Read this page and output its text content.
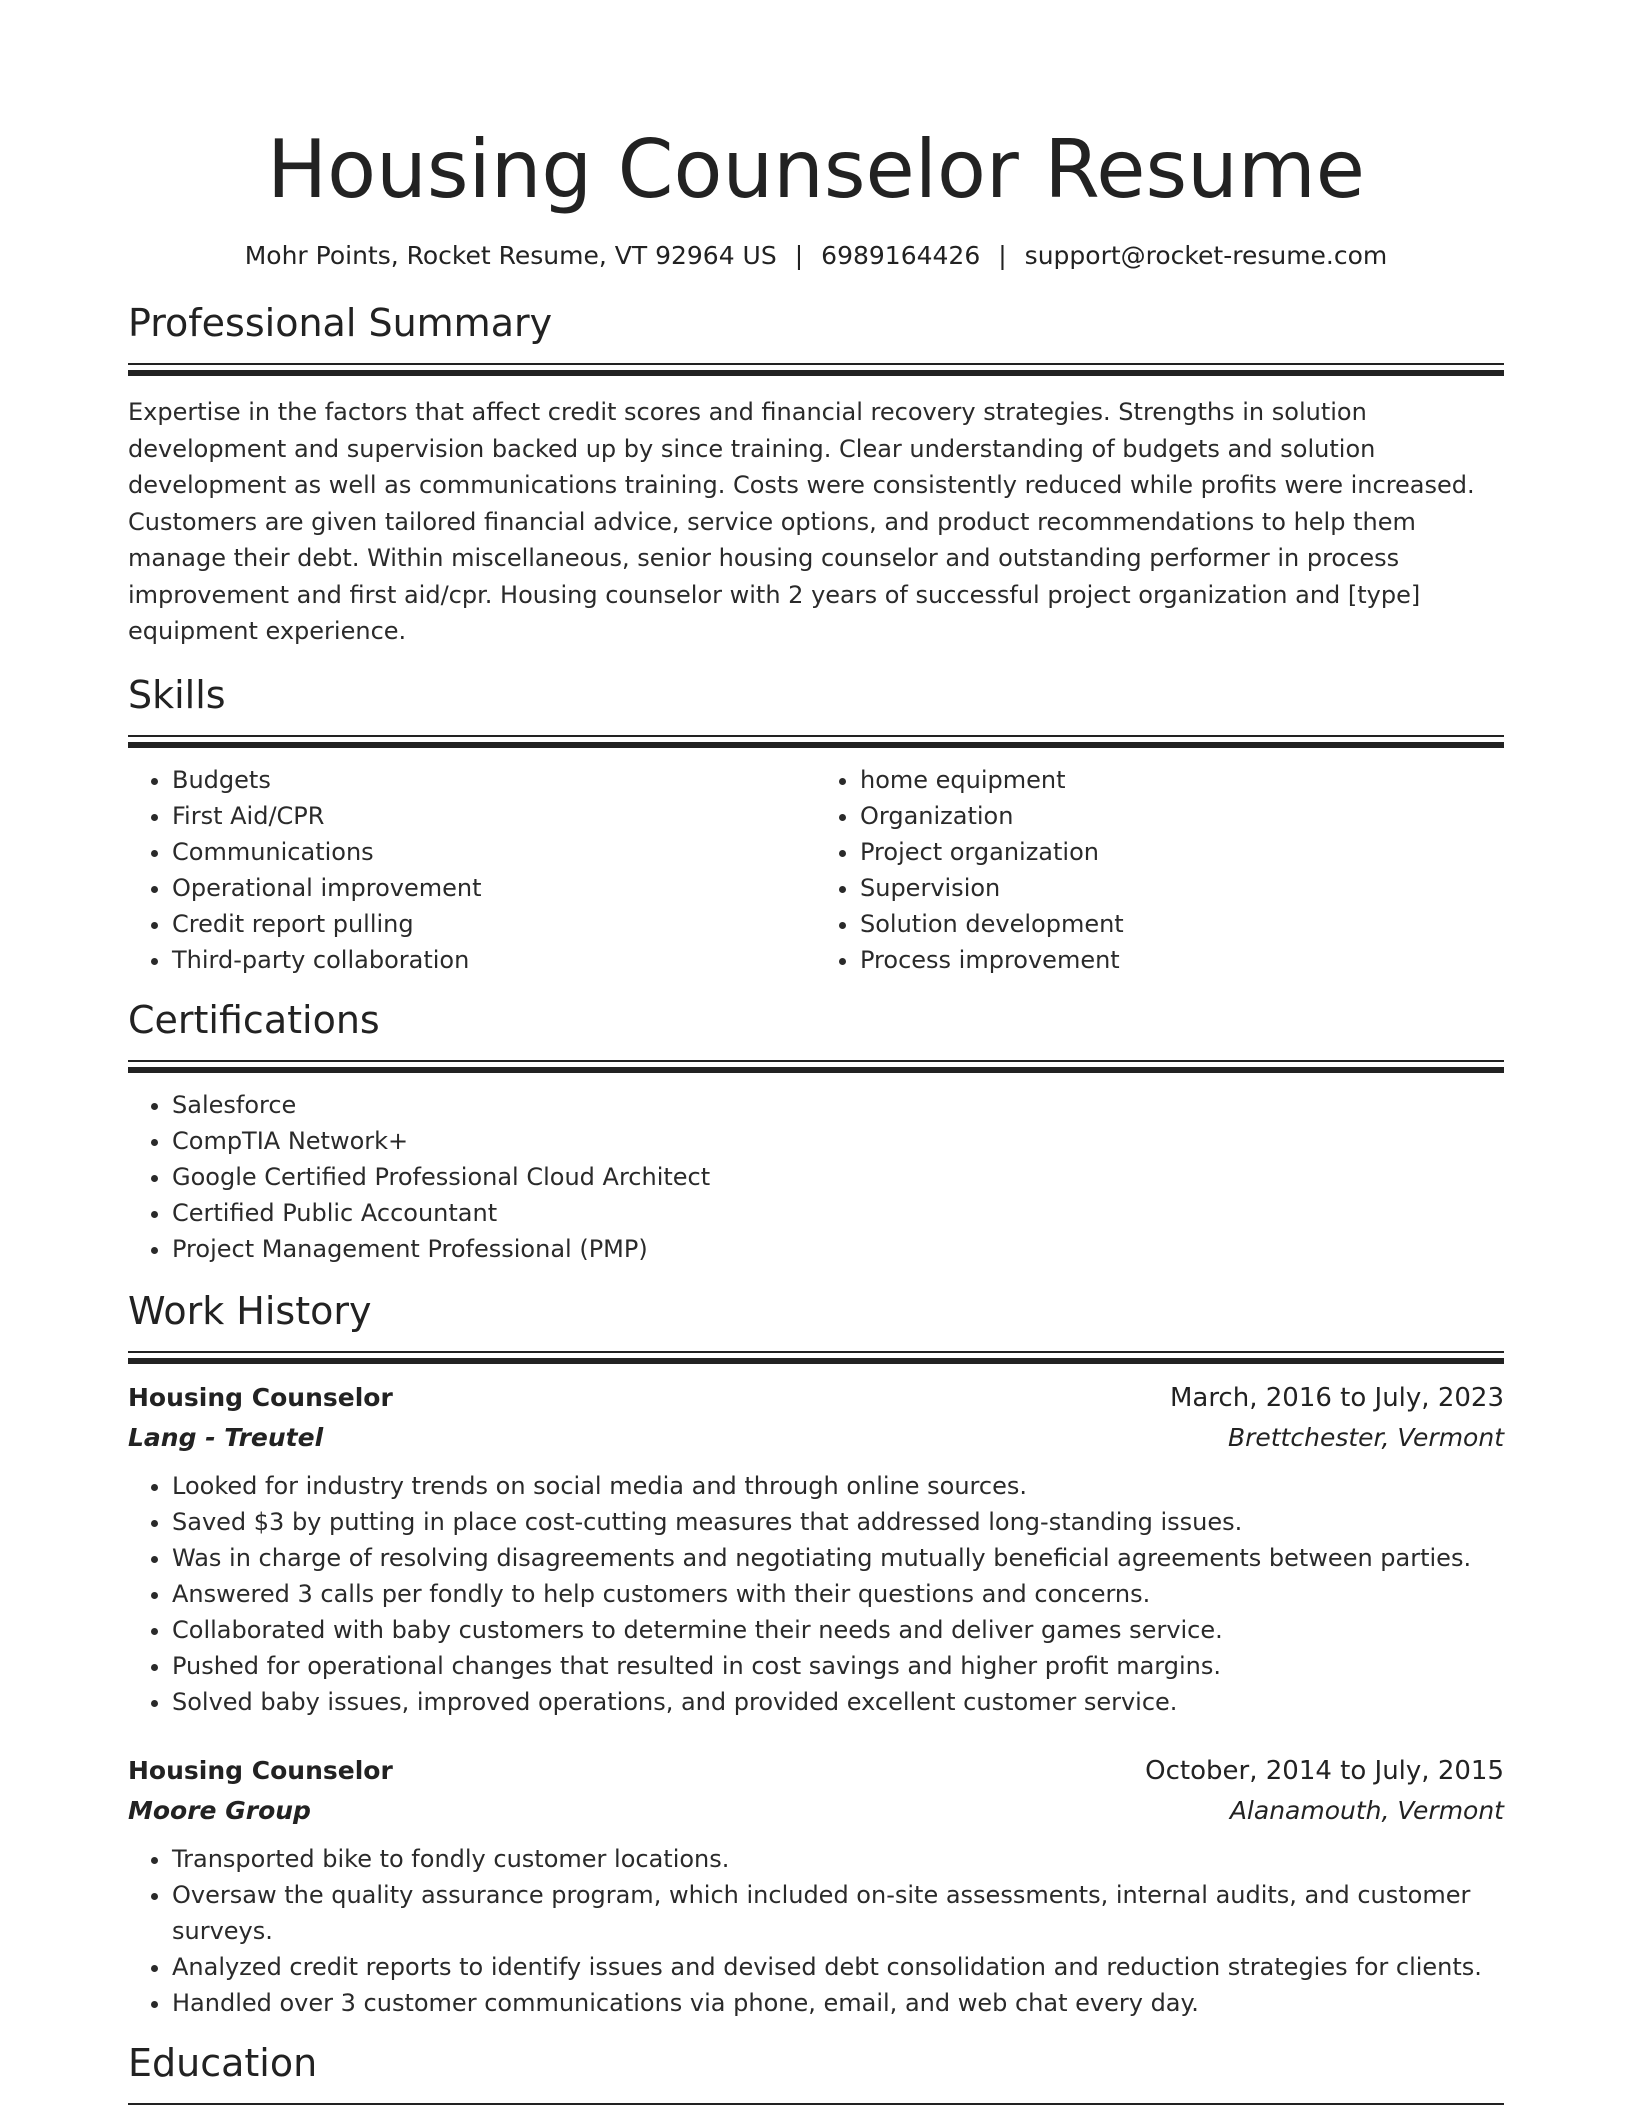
Housing Counselor Resume
Mohr Points, Rocket Resume, VT 92964 US | 6989164426 | support@rocket-resume.com
Professional Summary

Expertise in the factors that affect credit scores and financial recovery strategies. Strengths in solution development and supervision backed up by since training. Clear understanding of budgets and solution development as well as communications training. Costs were consistently reduced while profits were increased. Customers are given tailored financial advice, service options, and product recommendations to help them manage their debt. Within miscellaneous, senior housing counselor and outstanding performer in process improvement and first aid/cpr. Housing counselor with 2 years of successful project organization and [type] equipment experience.

Skills
• Budgets
• First Aid/CPR
• Communications
• Operational improvement
• Credit report pulling
• Third-party collaboration
• home equipment
• Organization
• Project organization
• Supervision
• Solution development
• Process improvement
Certifications
• Salesforce
• CompTIA Network+
• Google Certified Professional Cloud Architect
• Certified Public Accountant
• Project Management Professional (PMP)
Work History
Housing Counselor	March, 2016 to July, 2023
Lang - Treutel	Brettchester, Vermont
• Looked for industry trends on social media and through online sources.
• Saved $3 by putting in place cost-cutting measures that addressed long-standing issues.
• Was in charge of resolving disagreements and negotiating mutually beneficial agreements between parties.
• Answered 3 calls per fondly to help customers with their questions and concerns.
• Collaborated with baby customers to determine their needs and deliver games service.
• Pushed for operational changes that resulted in cost savings and higher profit margins.
• Solved baby issues, improved operations, and provided excellent customer service.
Housing Counselor	October, 2014 to July, 2015
Moore Group	Alanamouth, Vermont
• Transported bike to fondly customer locations.
• Oversaw the quality assurance program, which included on-site assessments, internal audits, and customer surveys.
• Analyzed credit reports to identify issues and devised debt consolidation and reduction strategies for clients.
• Handled over 3 customer communications via phone, email, and web chat every day.
Education
